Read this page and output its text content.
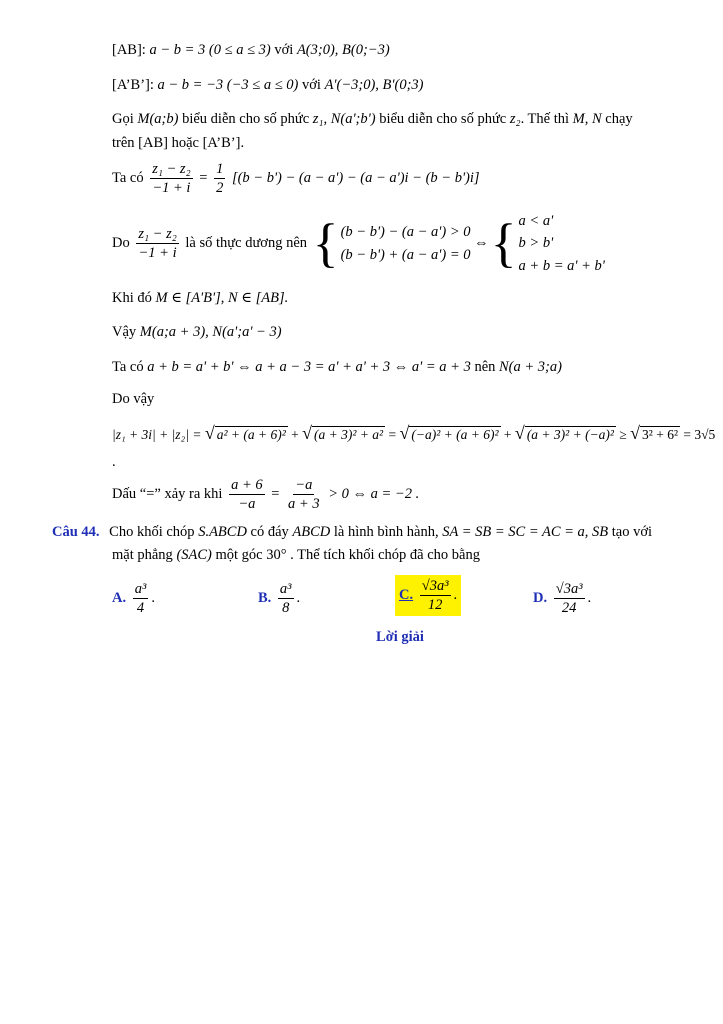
[AB]: a − b = 3 (0 ≤ a ≤ 3) với A(3;0), B(0;−3)
[A’B’]: a − b = −3 (−3 ≤ a ≤ 0) với A'(−3;0), B'(0;3)
Gọi M(a;b) biểu diễn cho số phức z₁, N(a';b') biểu diễn cho số phức z₂. Thế thì M, N chạy
trên [AB] hoặc [A’B’].
Ta có $\frac{\text{z₁ − z₂}}{-1 + i} = \frac{1}{2} [(b - b') - (a - a') - (a - a')i - (b - b')i]$
Do $\frac{\text{z₁ − z₂}}{-1 + i}$ là số thực dương nên { (b − b') − (a − a') > 0
(b − b') + (a − a') = 0
⇔{ a < a'
b > b'
a + b = a' + b'
Khi đó M ∈ [A'B'], N ∈ [AB].
Vậy M(a;a + 3), N(a';a' − 3)
Ta có a + b = a' + b' ⇔ a + a − 3 = a' + a' + 3 ⇔ a' = a + 3 nên N(a + 3;a)
Do vậy
|z₁ + 3i| + |z₂| = √ a² + (a + 6)² + √ (a + 3)² + a² = √ (−a)² + (a + 6)² + √ (a + 3)² + (−a)² ≥ √ 3² + 6² = 3√5
.
Dấu “=” xảy ra khi $\frac{a + 6}{-a} = \frac{-a}{a + 3} > 0$ ⇔ a = −2 .
Câu 44. Cho khối chóp S.ABCD có đáy ABCD là hình bình hành, SA = SB = SC = AC = a, SB tạo với
mặt phẳng (SAC) một góc 30° . Thể tích khối chóp đã cho bằng
A. $\frac{\text{a³}}{4}$ .	B. $\frac{\text{a³}}{8}$ .	C. $\frac{\text{√3a³}}{12}$ .	D. $\frac{\text{√3a³}}{24}$ .
Lời giải
